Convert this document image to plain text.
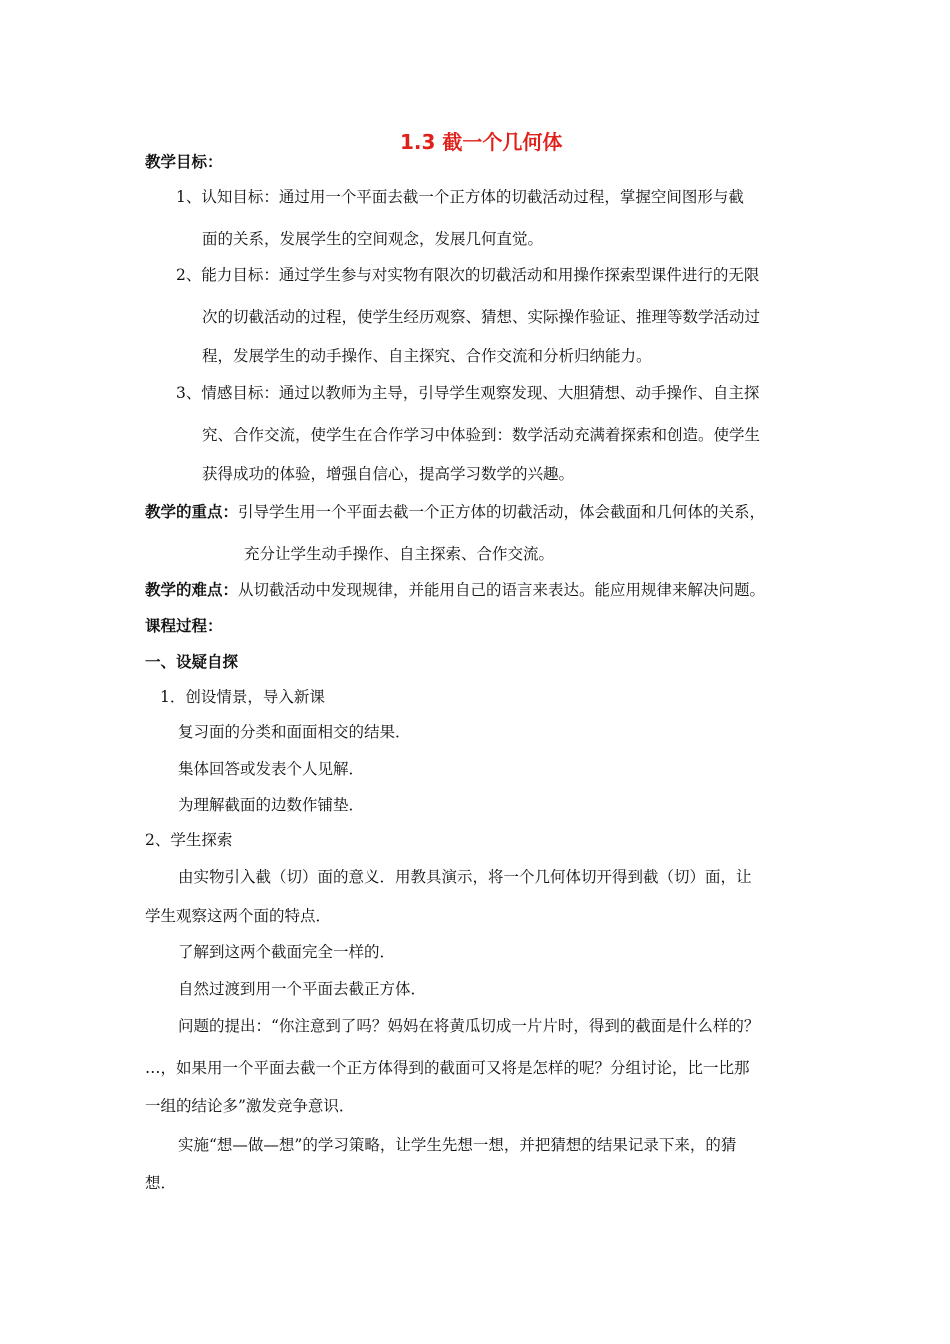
1.3 截一个几何体
教学目标：
1、认知目标：通过用一个平面去截一个正方体的切截活动过程，掌握空间图形与截
面的关系，发展学生的空间观念，发展几何直觉。
2、能力目标：通过学生参与对实物有限次的切截活动和用操作探索型课件进行的无限
次的切截活动的过程，使学生经历观察、猜想、实际操作验证、推理等数学活动过
程，发展学生的动手操作、自主探究、合作交流和分析归纳能力。
3、情感目标：通过以教师为主导，引导学生观察发现、大胆猜想、动手操作、自主探
究、合作交流，使学生在合作学习中体验到：数学活动充满着探索和创造。使学生
获得成功的体验，增强自信心，提高学习数学的兴趣。
教学的重点：引导学生用一个平面去截一个正方体的切截活动，体会截面和几何体的关系，
充分让学生动手操作、自主探索、合作交流。
教学的难点：从切截活动中发现规律，并能用自己的语言来表达。能应用规律来解决问题。
课程过程：
一、设疑自探
1．创设情景，导入新课
复习面的分类和面面相交的结果．
集体回答或发表个人见解．
为理解截面的边数作铺垫．
2、学生探索
由实物引入截（切）面的意义．用教具演示，将一个几何体切开得到截（切）面，让
学生观察这两个面的特点．
了解到这两个截面完全一样的．
自然过渡到用一个平面去截正方体．
问题的提出：“你注意到了吗？妈妈在将黄瓜切成一片片时，得到的截面是什么样的？
…，如果用一个平面去截一个正方体得到的截面可又将是怎样的呢？分组讨论，比一比那
一组的结论多”激发竞争意识．
实施“想—做—想”的学习策略，让学生先想一想，并把猜想的结果记录下来，的猜
想．
